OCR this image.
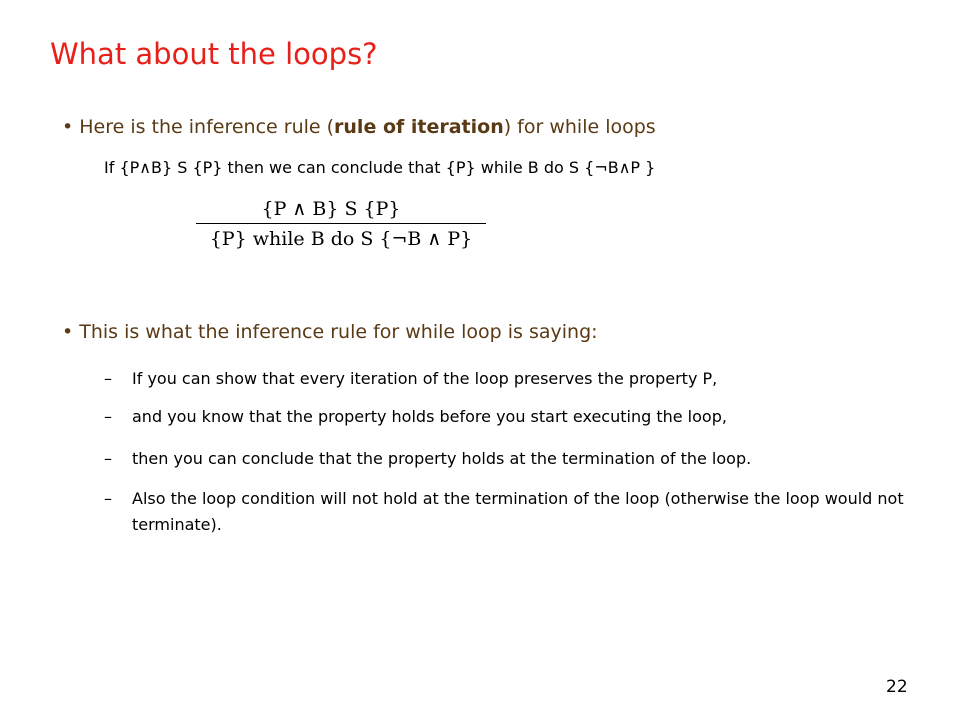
What about the loops?
• Here is the inference rule (rule of iteration) for while loops
If {P∧B} S {P} then we can conclude that {P} while B do S {¬B∧P }
{P ∧ B} S {P}
{P} while B do S {¬B ∧ P}
• This is what the inference rule for while loop is saying:
– If you can show that every iteration of the loop preserves the property P,
– and you know that the property holds before you start executing the loop,
– then you can conclude that the property holds at the termination of the loop.
– Also the loop condition will not hold at the termination of the loop (otherwise the loop would not terminate).
22
